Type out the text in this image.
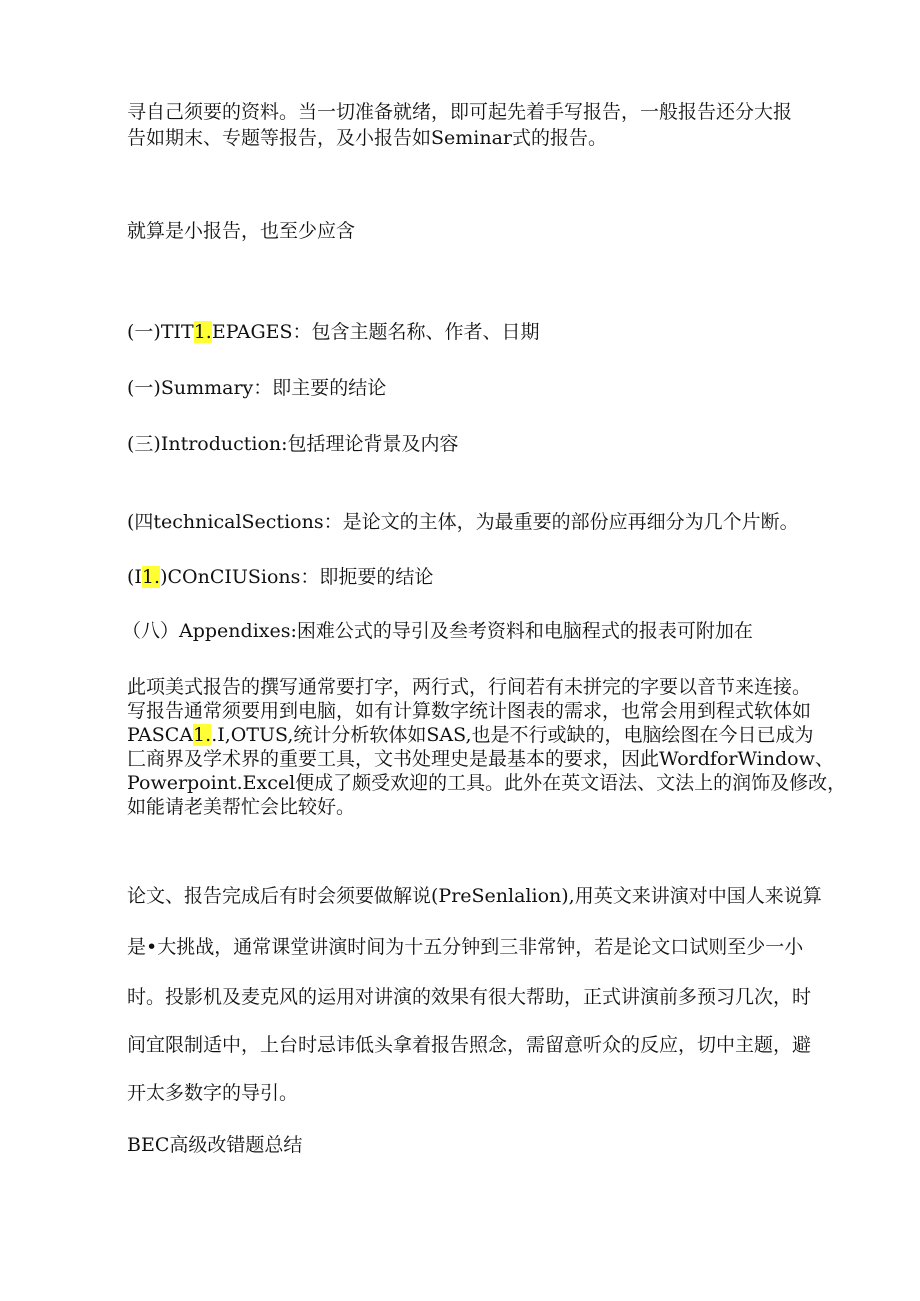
寻自己须要的资料。当一切准备就绪，即可起先着手写报告，一般报告还分大报

告如期末、专题等报告，及小报告如Seminar式的报告。

就算是小报告，也至少应含

(一)TIT1.EPAGES：包含主题名称、作者、日期

(一)Summary：即主要的结论

(三)Introduction:包括理论背景及内容

(四technicalSections：是论文的主体，为最重要的部份应再细分为几个片断。

(I1.)COnCIUSions：即扼要的结论

（八）Appendixes:困难公式的导引及叁考资料和电脑程式的报表可附加在

此项美式报告的撰写通常要打字，两行式，行间若有未拼完的字要以音节来连接。

写报告通常须要用到电脑，如有计算数字统计图表的需求，也常会用到程式软体如

PASCA1..I,OTUS,统计分析软体如SAS,也是不行或缺的，电脑绘图在今日已成为

匚商界及学术界的重要工具，文书处理史是最基本的要求，因此WordforWindow、

Powerpoint.Excel便成了颇受欢迎的工具。此外在英文语法、文法上的润饰及修改，

如能请老美帮忙会比较好。

论文、报告完成后有时会须要做解说(PreSenlalion),用英文来讲演对中国人来说算

是•大挑战，通常课堂讲演时间为十五分钟到三非常钟，若是论文口试则至少一小

时。投影机及麦克风的运用对讲演的效果有很大帮助，正式讲演前多预习几次，时

间宜限制适中，上台时忌讳低头拿着报告照念，需留意听众的反应，切中主题，避

开太多数字的导引。

BEC高级改错题总结
